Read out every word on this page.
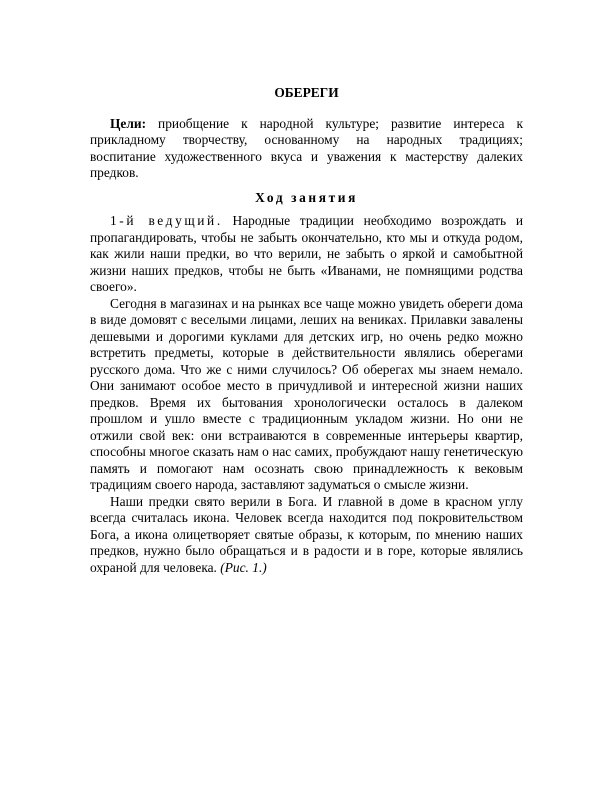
ОБЕРЕГИ

Цели: приобщение к народной культуре; развитие интереса к прикладному творчеству, основанному на народных традициях; воспитание художественного вкуса и уважения к мастерству далеких предков.

Ход занятия

1-й ведущий. Народные традиции необходимо возрождать и пропагандировать, чтобы не забыть окончательно, кто мы и откуда родом, как жили наши предки, во что верили, не забыть о яркой и самобытной жизни наших предков, чтобы не быть «Иванами, не помнящими родства своего».

Сегодня в магазинах и на рынках все чаще можно увидеть обереги дома в виде домовят с веселыми лицами, леших на вениках. Прилавки завалены дешевыми и дорогими куклами для детских игр, но очень редко можно встретить предметы, которые в действительности являлись оберегами русского дома. Что же с ними случилось? Об оберегах мы знаем немало. Они занимают особое место в причудливой и интересной жизни наших предков. Время их бытования хронологически осталось в далеком прошлом и ушло вместе с традиционным укладом жизни. Но они не отжили свой век: они встраиваются в современные интерьеры квартир, способны многое сказать нам о нас самих, пробуждают нашу генетическую память и помогают нам осознать свою принадлежность к вековым традициям своего народа, заставляют задуматься о смысле жизни.

Наши предки свято верили в Бога. И главной в доме в красном углу всегда считалась икона. Человек всегда находится под покровительством Бога, а икона олицетворяет святые образы, к которым, по мнению наших предков, нужно было обращаться и в радости и в горе, которые являлись охраной для человека. (Рис. 1.)
